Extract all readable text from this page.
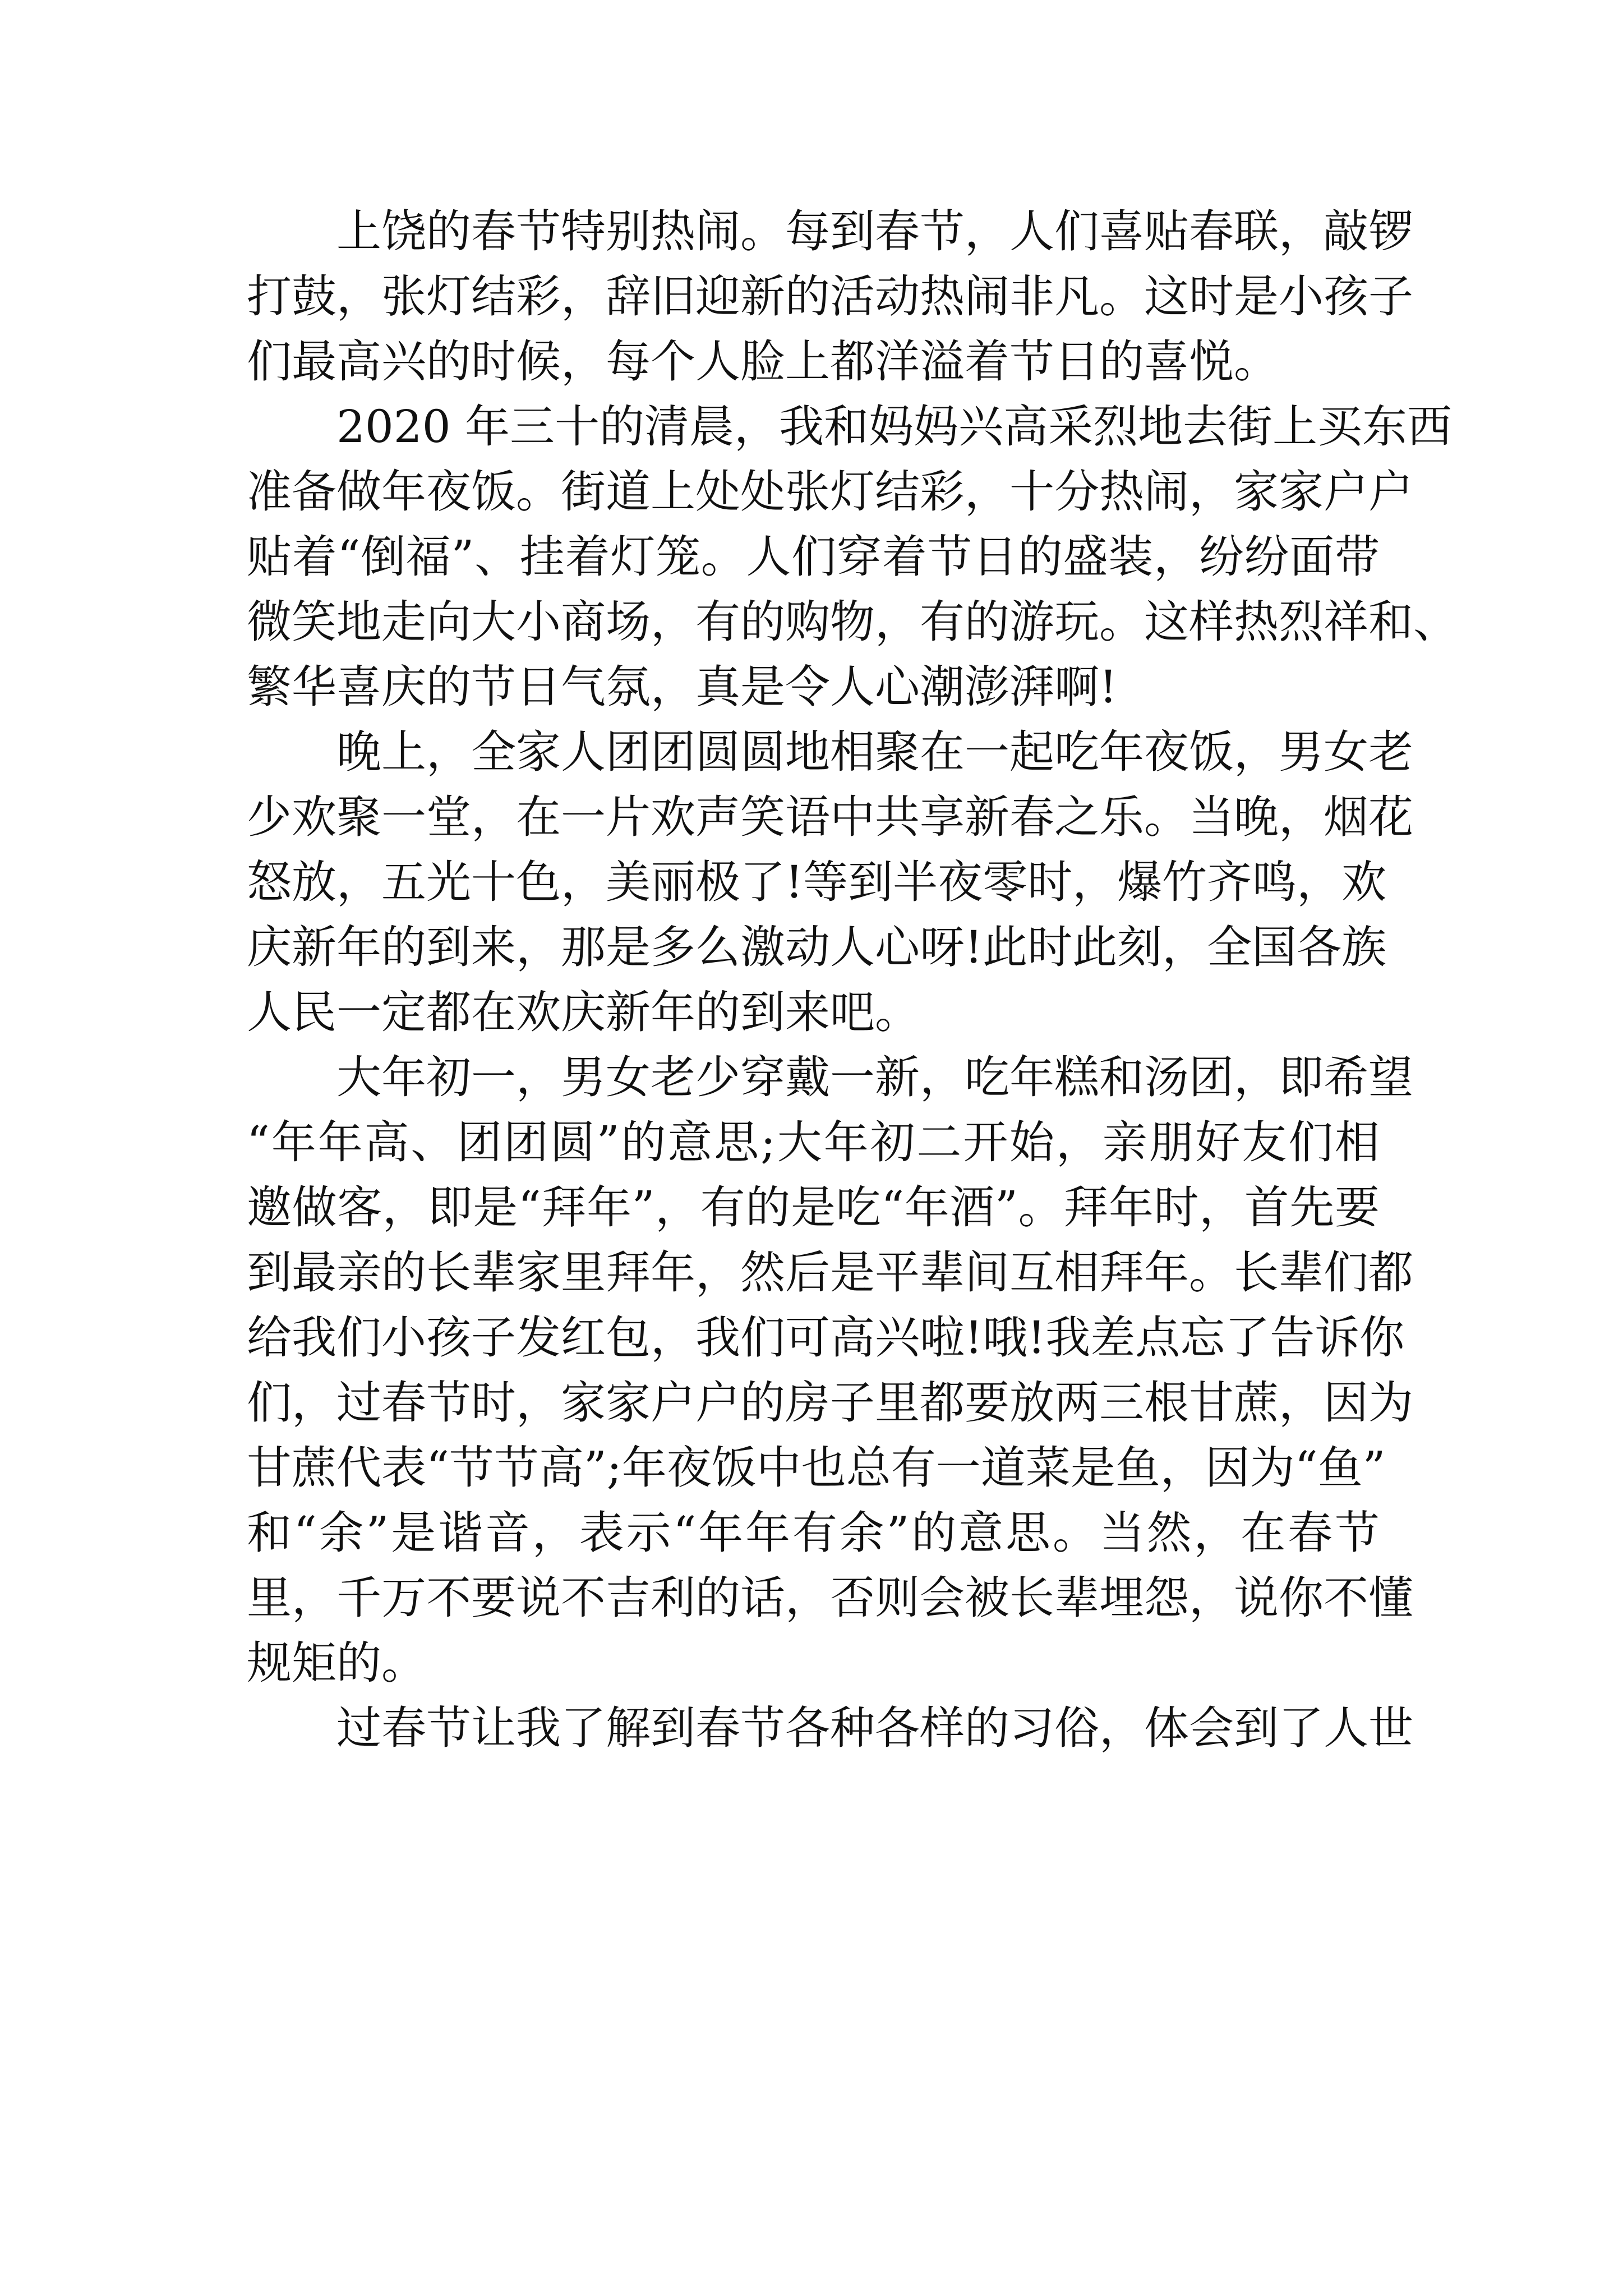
上饶的春节特别热闹。每到春节，人们喜贴春联，敲锣
打鼓，张灯结彩，辞旧迎新的活动热闹非凡。这时是小孩子
们最高兴的时候，每个人脸上都洋溢着节日的喜悦。
2020 年三十的清晨，我和妈妈兴高采烈地去街上买东西
准备做年夜饭。街道上处处张灯结彩，十分热闹，家家户户
贴着“倒福”、挂着灯笼。人们穿着节日的盛装，纷纷面带
微笑地走向大小商场，有的购物，有的游玩。这样热烈祥和、
繁华喜庆的节日气氛，真是令人心潮澎湃啊!
晚上，全家人团团圆圆地相聚在一起吃年夜饭，男女老
少欢聚一堂，在一片欢声笑语中共享新春之乐。当晚，烟花
怒放，五光十色，美丽极了!等到半夜零时，爆竹齐鸣，欢
庆新年的到来，那是多么激动人心呀!此时此刻，全国各族
人民一定都在欢庆新年的到来吧。
大年初一，男女老少穿戴一新，吃年糕和汤团，即希望
“年年高、团团圆”的意思;大年初二开始，亲朋好友们相
邀做客，即是“拜年”，有的是吃“年酒”。拜年时，首先要
到最亲的长辈家里拜年，然后是平辈间互相拜年。长辈们都
给我们小孩子发红包，我们可高兴啦!哦!我差点忘了告诉你
们，过春节时，家家户户的房子里都要放两三根甘蔗，因为
甘蔗代表“节节高”;年夜饭中也总有一道菜是鱼，因为“鱼”
和“余”是谐音，表示“年年有余”的意思。当然，在春节
里，千万不要说不吉利的话，否则会被长辈埋怨，说你不懂
规矩的。
过春节让我了解到春节各种各样的习俗，体会到了人世
